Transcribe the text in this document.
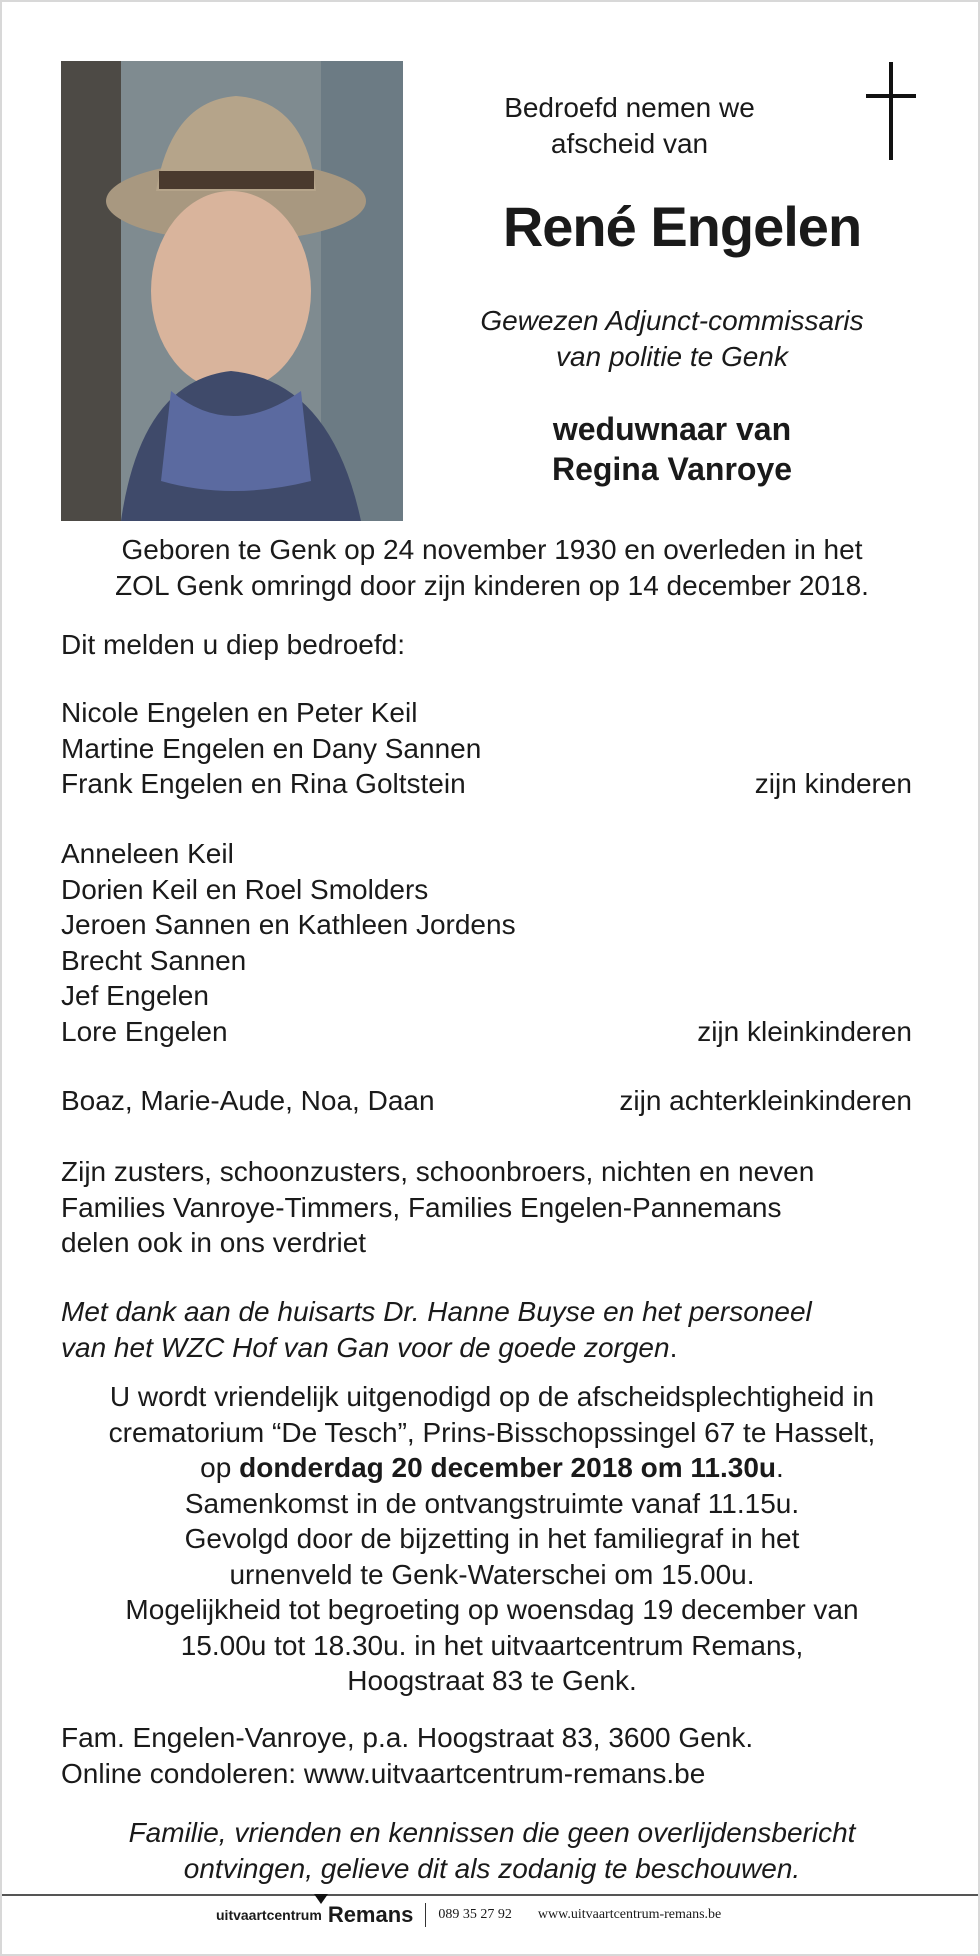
Bedroefd nemen we
afscheid van
René Engelen
Gewezen Adjunct-commissaris
van politie te Genk
weduwnaar van
Regina Vanroye
Geboren te Genk op 24 november 1930 en overleden in het
ZOL Genk omringd door zijn kinderen op 14 december 2018.
Dit melden u diep bedroefd:
Nicole Engelen en Peter Keil
Martine Engelen en Dany Sannen
Frank Engelen en Rina Goltstein	zijn kinderen
Anneleen Keil
Dorien Keil en Roel Smolders
Jeroen Sannen en Kathleen Jordens
Brecht Sannen
Jef Engelen
Lore Engelen	zijn kleinkinderen
Boaz, Marie-Aude, Noa, Daan	zijn achterkleinkinderen
Zijn zusters, schoonzusters, schoonbroers, nichten en neven
Families Vanroye-Timmers, Families Engelen-Pannemans
delen ook in ons verdriet
Met dank aan de huisarts Dr. Hanne Buyse en het personeel
van het WZC Hof van Gan voor de goede zorgen.
U wordt vriendelijk uitgenodigd op de afscheidsplechtigheid in
crematorium “De Tesch”, Prins-Bisschopssingel 67 te Hasselt,
op donderdag 20 december 2018 om 11.30u.
Samenkomst in de ontvangstruimte vanaf 11.15u.
Gevolgd door de bijzetting in het familiegraf in het
urnenveld te Genk-Waterschei om 15.00u.
Mogelijkheid tot begroeting op woensdag 19 december van
15.00u tot 18.30u. in het uitvaartcentrum Remans,
Hoogstraat 83 te Genk.
Fam. Engelen-Vanroye, p.a. Hoogstraat 83, 3600 Genk.
Online condoleren: www.uitvaartcentrum-remans.be
Familie, vrienden en kennissen die geen overlijdensbericht
ontvingen, gelieve dit als zodanig te beschouwen.
uitvaartcentrum Remans 089 35 27 92 www.uitvaartcentrum-remans.be
